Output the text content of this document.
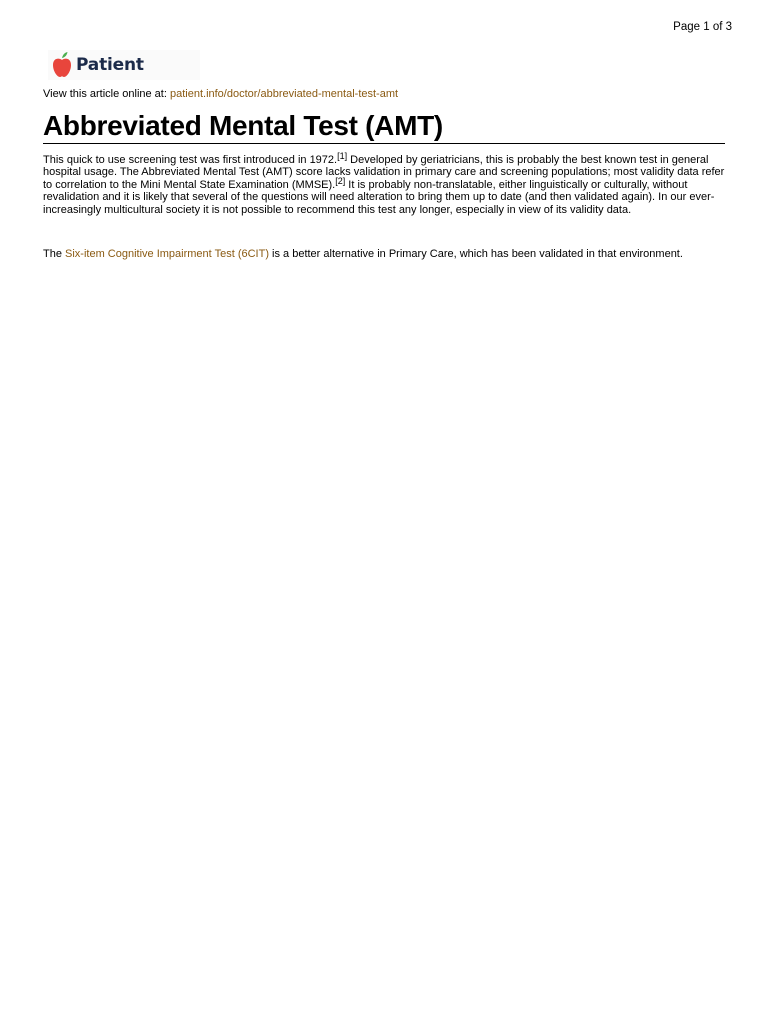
Page 1 of 3
Patient
View this article online at: patient.info/doctor/abbreviated-mental-test-amt
Abbreviated Mental Test (AMT)

This quick to use screening test was first introduced in 1972.[1] Developed by geriatricians, this is probably the best known test in general hospital usage. The Abbreviated Mental Test (AMT) score lacks validation in primary care and screening populations; most validity data refer to correlation to the Mini Mental State Examination (MMSE).[2] It is probably non-translatable, either linguistically or culturally, without revalidation and it is likely that several of the questions will need alteration to bring them up to date (and then validated again). In our ever-increasingly multicultural society it is not possible to recommend this test any longer, especially in view of its validity data.

The Six-item Cognitive Impairment Test (6CIT) is a better alternative in Primary Care, which has been validated in that environment.
